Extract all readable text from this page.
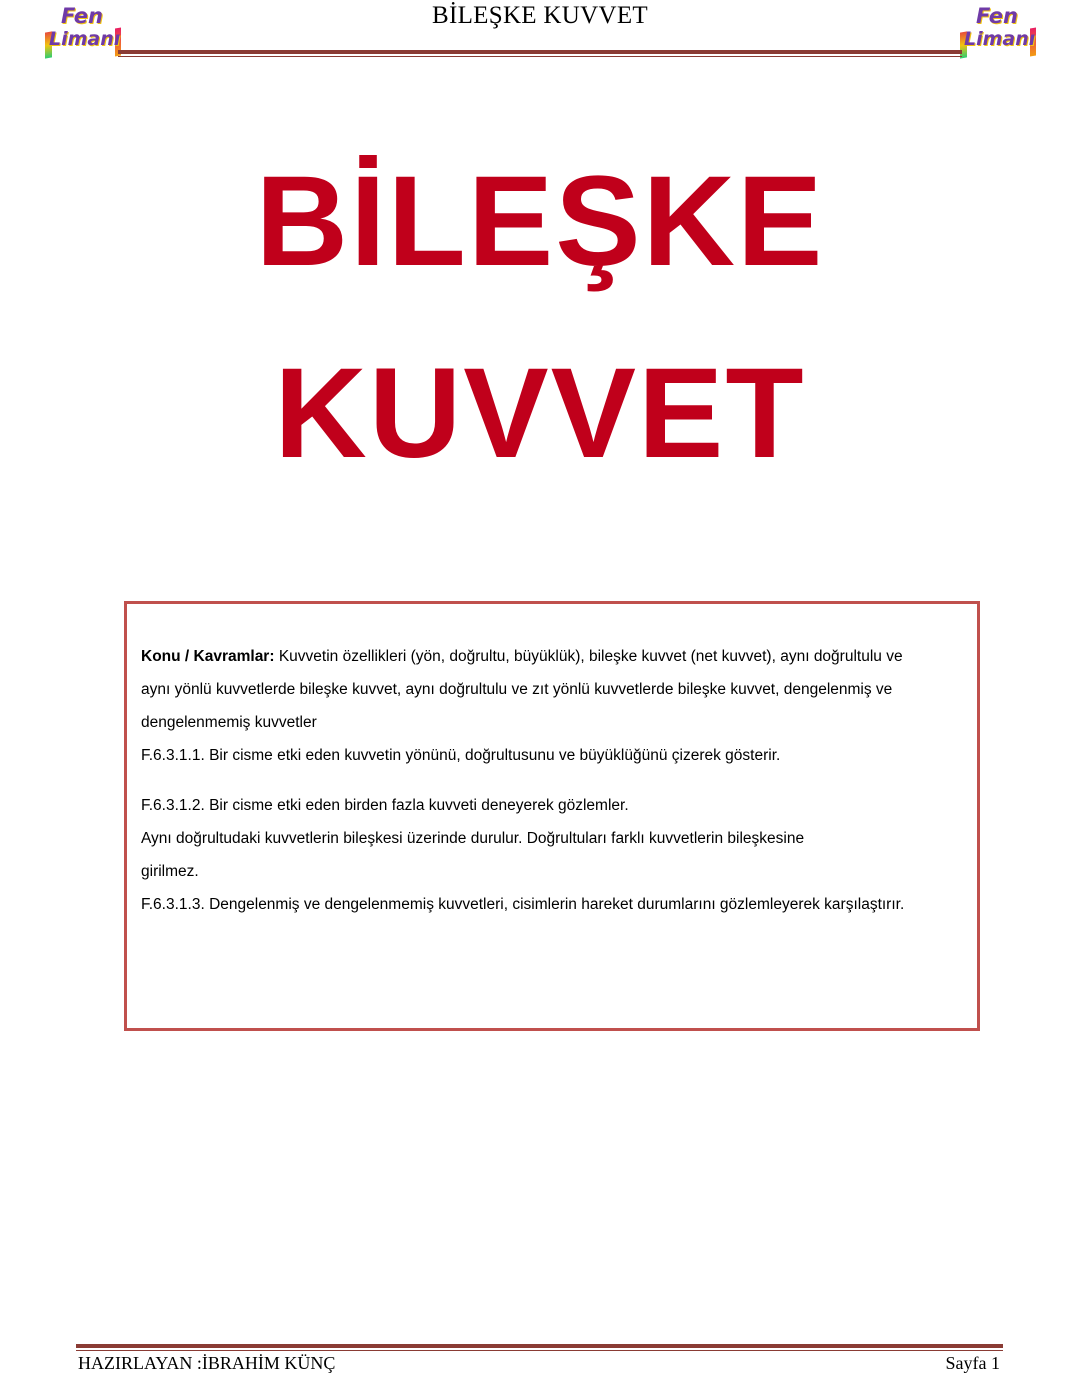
Fen
Limanı
BİLEŞKE KUVVET	Fen
Limanı
BİLEŞKE
KUVVET

Konu / Kavramlar: Kuvvetin özellikleri (yön, doğrultu, büyüklük), bileşke kuvvet (net kuvvet), aynı doğrultulu ve

aynı yönlü kuvvetlerde bileşke kuvvet, aynı doğrultulu ve zıt yönlü kuvvetlerde bileşke kuvvet, dengelenmiş ve

dengelenmemiş kuvvetler

F.6.3.1.1. Bir cisme etki eden kuvvetin yönünü, doğrultusunu ve büyüklüğünü çizerek gösterir.

F.6.3.1.2. Bir cisme etki eden birden fazla kuvveti deneyerek gözlemler.

Aynı doğrultudaki kuvvetlerin bileşkesi üzerinde durulur. Doğrultuları farklı kuvvetlerin bileşkesine

girilmez.

F.6.3.1.3. Dengelenmiş ve dengelenmemiş kuvvetleri, cisimlerin hareket durumlarını gözlemleyerek karşılaştırır.

HAZIRLAYAN :İBRAHİM KÜNÇ	Sayfa 1
